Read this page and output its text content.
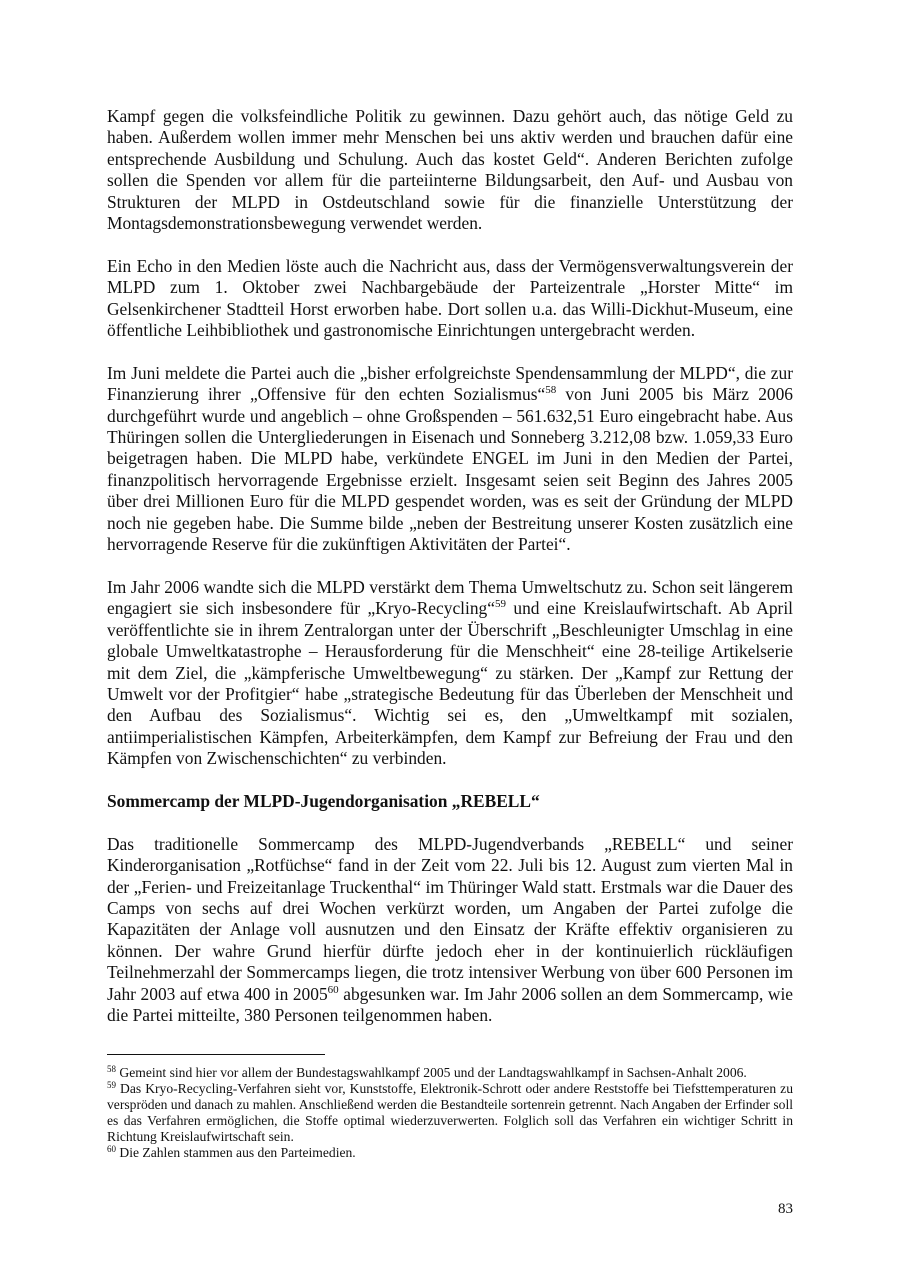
Kampf gegen die volksfeindliche Politik zu gewinnen. Dazu gehört auch, das nötige Geld zu haben. Außerdem wollen immer mehr Menschen bei uns aktiv werden und brauchen dafür eine entsprechende Ausbildung und Schulung. Auch das kostet Geld“. Anderen Berichten zufolge sollen die Spenden vor allem für die parteiinterne Bildungsarbeit, den Auf- und Ausbau von Strukturen der MLPD in Ostdeutschland sowie für die finanzielle Unterstützung der Montagsdemonstrationsbewegung verwendet werden.

Ein Echo in den Medien löste auch die Nachricht aus, dass der Vermögensverwaltungsverein der MLPD zum 1. Oktober zwei Nachbargebäude der Parteizentrale „Horster Mitte“ im Gelsenkirchener Stadtteil Horst erworben habe. Dort sollen u.a. das Willi-Dickhut-Museum, eine öffentliche Leihbibliothek und gastronomische Einrichtungen untergebracht werden.

Im Juni meldete die Partei auch die „bisher erfolgreichste Spendensammlung der MLPD“, die zur Finanzierung ihrer „Offensive für den echten Sozialismus“$^{58}$ von Juni 2005 bis März 2006 durchgeführt wurde und angeblich – ohne Großspenden – 561.632,51 Euro eingebracht habe. Aus Thüringen sollen die Untergliederungen in Eisenach und Sonneberg 3.212,08 bzw. 1.059,33 Euro beigetragen haben. Die MLPD habe, verkündete ENGEL im Juni in den Medien der Partei, finanzpolitisch hervorragende Ergebnisse erzielt. Insgesamt seien seit Beginn des Jahres 2005 über drei Millionen Euro für die MLPD gespendet worden, was es seit der Gründung der MLPD noch nie gegeben habe. Die Summe bilde „neben der Bestreitung unserer Kosten zusätzlich eine hervorragende Reserve für die zukünftigen Aktivitäten der Partei“.

Im Jahr 2006 wandte sich die MLPD verstärkt dem Thema Umweltschutz zu. Schon seit längerem engagiert sie sich insbesondere für „Kryo-Recycling“$^{59}$ und eine Kreislaufwirtschaft. Ab April veröffentlichte sie in ihrem Zentralorgan unter der Überschrift „Beschleunigter Umschlag in eine globale Umweltkatastrophe – Herausforderung für die Menschheit“ eine 28-teilige Artikelserie mit dem Ziel, die „kämpferische Umweltbewegung“ zu stärken. Der „Kampf zur Rettung der Umwelt vor der Profitgier“ habe „strategische Bedeutung für das Überleben der Menschheit und den Aufbau des Sozialismus“. Wichtig sei es, den „Umweltkampf mit sozialen, antiimperialistischen Kämpfen, Arbeiterkämpfen, dem Kampf zur Befreiung der Frau und den Kämpfen von Zwischenschichten“ zu verbinden.

Sommercamp der MLPD-Jugendorganisation „REBELL“

Das traditionelle Sommercamp des MLPD-Jugendverbands „REBELL“ und seiner Kinderorganisation „Rotfüchse“ fand in der Zeit vom 22. Juli bis 12. August zum vierten Mal in der „Ferien- und Freizeitanlage Truckenthal“ im Thüringer Wald statt. Erstmals war die Dauer des Camps von sechs auf drei Wochen verkürzt worden, um Angaben der Partei zufolge die Kapazitäten der Anlage voll ausnutzen und den Einsatz der Kräfte effektiv organisieren zu können. Der wahre Grund hierfür dürfte jedoch eher in der kontinuierlich rückläufigen Teilnehmerzahl der Sommercamps liegen, die trotz intensiver Werbung von über 600 Personen im Jahr 2003 auf etwa 400 in 2005$^{60}$ abgesunken war. Im Jahr 2006 sollen an dem Sommercamp, wie die Partei mitteilte, 380 Personen teilgenommen haben.

$^{58}$ Gemeint sind hier vor allem der Bundestagswahlkampf 2005 und der Landtagswahlkampf in Sachsen-Anhalt 2006.

$^{59}$ Das Kryo-Recycling-Verfahren sieht vor, Kunststoffe, Elektronik-Schrott oder andere Reststoffe bei Tiefsttemperaturen zu verspröden und danach zu mahlen. Anschließend werden die Bestandteile sortenrein getrennt. Nach Angaben der Erfinder soll es das Verfahren ermöglichen, die Stoffe optimal wiederzuverwerten. Folglich soll das Verfahren ein wichtiger Schritt in Richtung Kreislaufwirtschaft sein.

$^{60}$ Die Zahlen stammen aus den Parteimedien.

83
